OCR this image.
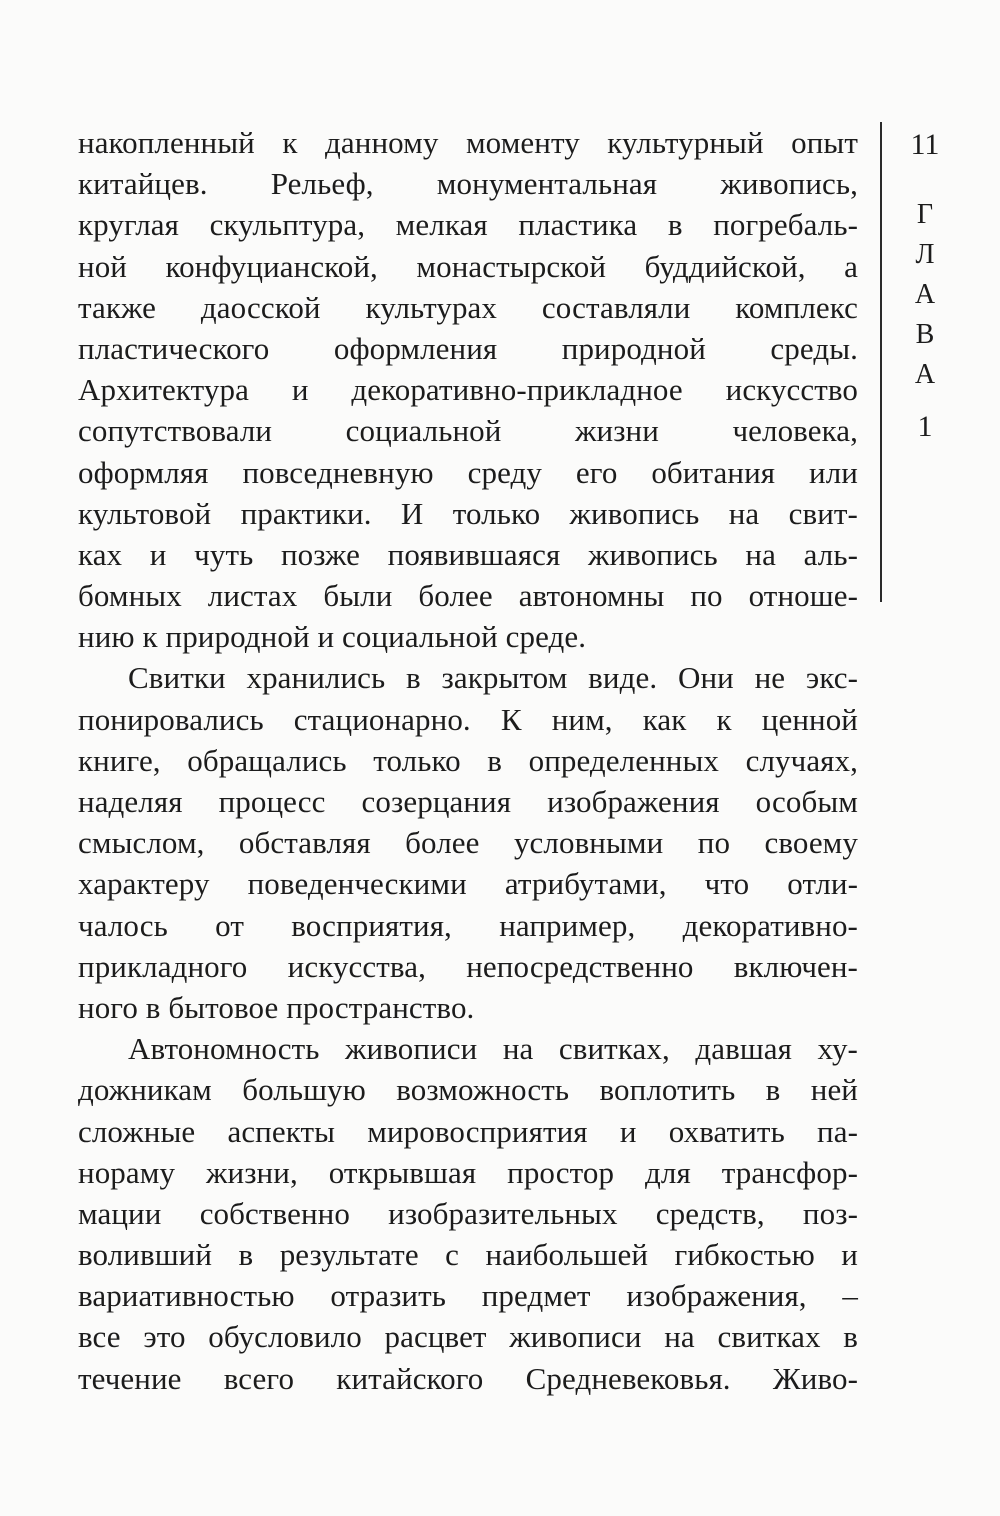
накопленный к данному моменту культурный опыт
китайцев. Рельеф, монументальная живопись,
круглая скульптура, мелкая пластика в погребаль-
ной конфуцианской, монастырской буддийской, а
также даосской культурах составляли комплекс
пластического оформления природной среды.
Архитектура и декоративно-прикладное искусство
сопутствовали социальной жизни человека,
оформляя повседневную среду его обитания или
культовой практики. И только живопись на свит-
ках и чуть позже появившаяся живопись на аль-
бомных листах были более автономны по отноше-
нию к природной и социальной среде.

Свитки хранились в закрытом виде. Они не экс-
понировались стационарно. К ним, как к ценной
книге, обращались только в определенных случаях,
наделяя процесс созерцания изображения особым
смыслом, обставляя более условными по своему
характеру поведенческими атрибутами, что отли-
чалось от восприятия, например, декоративно-
прикладного искусства, непосредственно включен-
ного в бытовое пространство.

Автономность живописи на свитках, давшая ху-
дожникам большую возможность воплотить в ней
сложные аспекты мировосприятия и охватить па-
нораму жизни, открывшая простор для трансфор-
мации собственно изобразительных средств, поз-
воливший в результате с наибольшей гибкостью и
вариативностью отразить предмет изображения, –
все это обусловило расцвет живописи на свитках в
течение всего китайского Средневековья. Живо-

11
Г
Л
А
В
А
1
